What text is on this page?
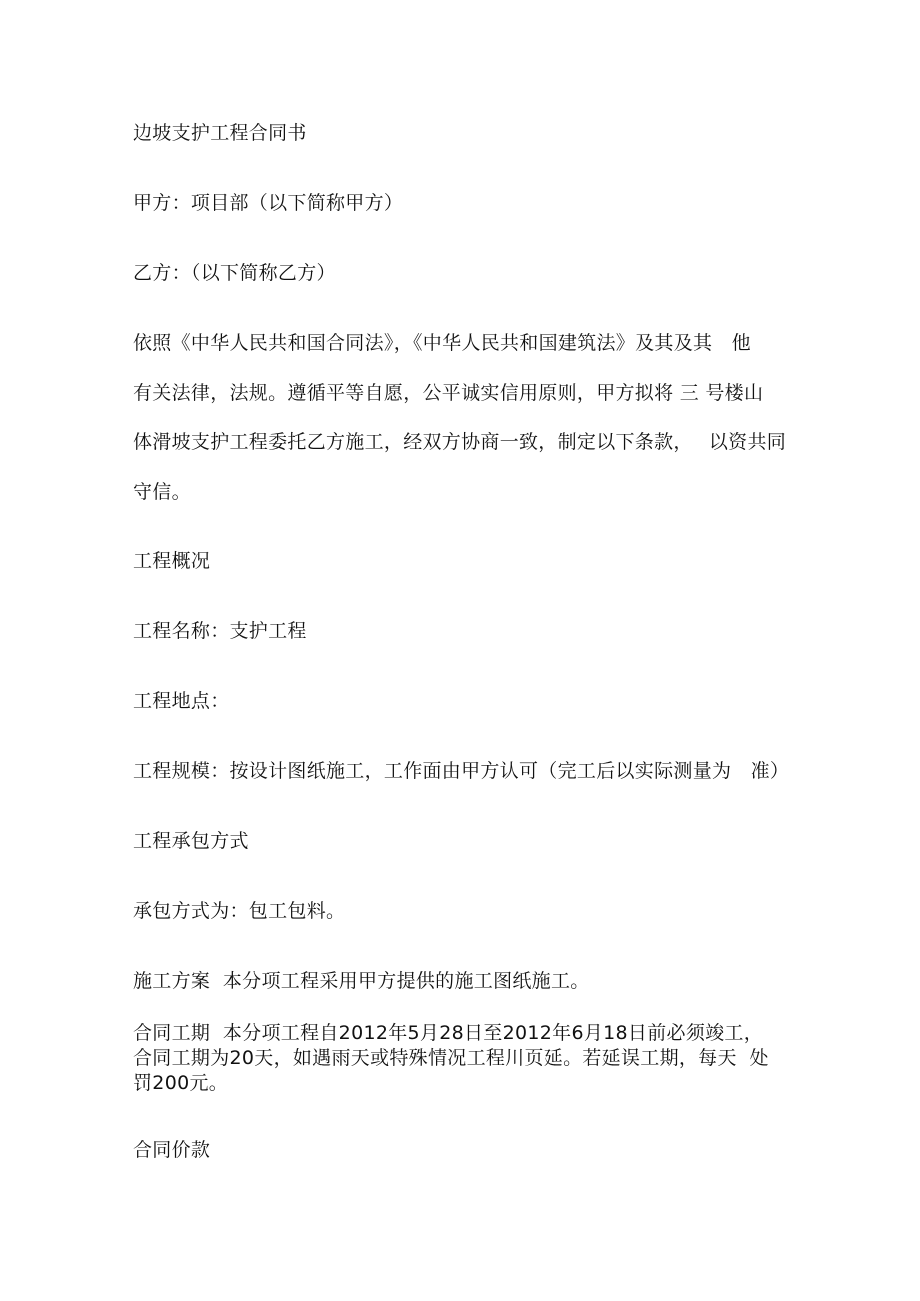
边坡支护工程合同书
甲方：项目部（以下简称甲方）
乙方：（以下简称乙方）
依照《中华人民共和国合同法》，《中华人民共和国建筑法》及其及其　他
有关法律，法规。遵循平等自愿，公平诚实信用原则，甲方拟将 三 号楼山
体滑坡支护工程委托乙方施工，经双方协商一致，制定以下条款，　 以资共同
守信。
工程概况
工程名称：支护工程
工程地点：
工程规模：按设计图纸施工，工作面由甲方认可（完工后以实际测量为　准）
工程承包方式
承包方式为：包工包料。
施工方案  本分项工程采用甲方提供的施工图纸施工。
合同工期  本分项工程自2012年5月28日至2012年6月18日前必须竣工，
合同工期为20天，如遇雨天或特殊情况工程川页延。若延误工期，每天  处
罚200元。
合同价款
